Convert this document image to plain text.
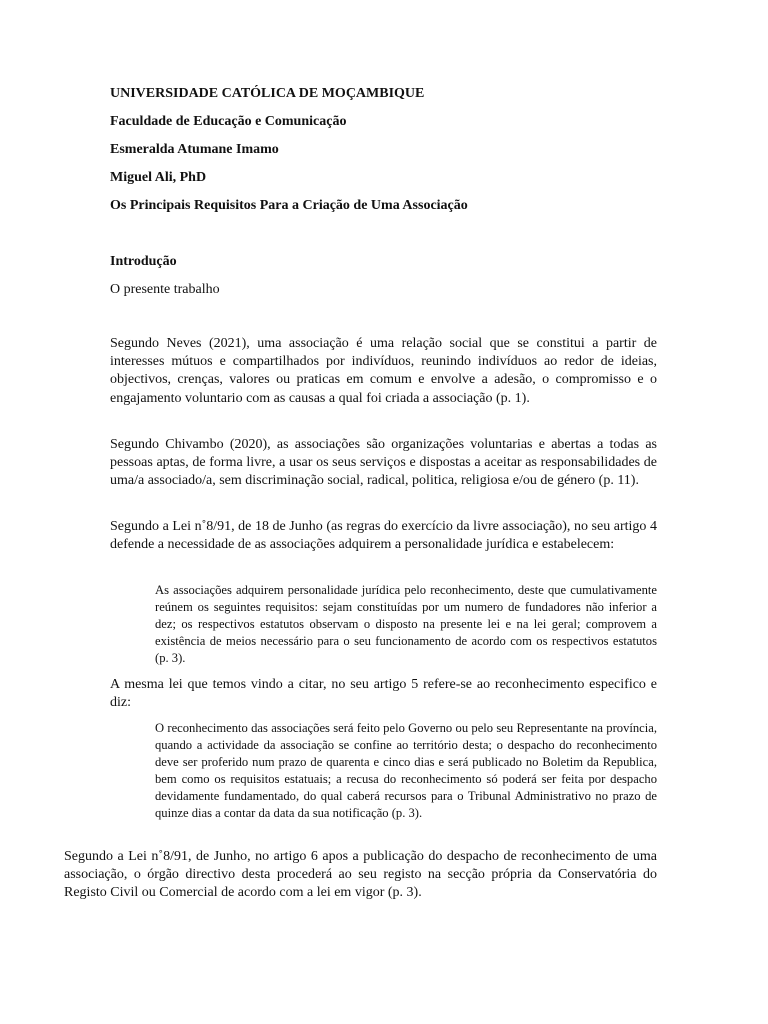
UNIVERSIDADE CATÓLICA DE MOÇAMBIQUE

Faculdade de Educação e Comunicação

Esmeralda Atumane Imamo

Miguel Ali, PhD

Os Principais Requisitos Para a Criação de Uma Associação

Introdução

O presente trabalho

Segundo Neves (2021), uma associação é uma relação social que se constitui a partir de interesses mútuos e compartilhados por indivíduos, reunindo indivíduos ao redor de ideias, objectivos, crenças, valores ou praticas em comum e envolve a adesão, o compromisso e o engajamento voluntario com as causas a qual foi criada a associação (p. 1).

Segundo Chivambo (2020), as associações são organizações voluntarias e abertas a todas as pessoas aptas, de forma livre, a usar os seus serviços e dispostas a aceitar as responsabilidades de uma/a associado/a, sem discriminação social, radical, politica, religiosa e/ou de género (p. 11).

Segundo a Lei n˚8/91, de 18 de Junho (as regras do exercício da livre associação), no seu artigo 4 defende a necessidade de as associações adquirem a personalidade jurídica e estabelecem:

As associações adquirem personalidade jurídica pelo reconhecimento, deste que cumulativamente reúnem os seguintes requisitos: sejam constituídas por um numero de fundadores não inferior a dez; os respectivos estatutos observam o disposto na presente lei e na lei geral; comprovem a existência de meios necessário para o seu funcionamento de acordo com os respectivos estatutos (p. 3).

A mesma lei que temos vindo a citar, no seu artigo 5 refere-se ao reconhecimento especifico e diz:

O reconhecimento das associações será feito pelo Governo ou pelo seu Representante na província, quando a actividade da associação se confine ao território desta; o despacho do reconhecimento deve ser proferido num prazo de quarenta e cinco dias e será publicado no Boletim da Republica, bem como os requisitos estatuais; a recusa do reconhecimento só poderá ser feita por despacho devidamente fundamentado, do qual caberá recursos para o Tribunal Administrativo no prazo de quinze dias a contar da data da sua notificação (p. 3).

Segundo a Lei n˚8/91, de Junho, no artigo 6 apos a publicação do despacho de reconhecimento de uma associação, o órgão directivo desta procederá ao seu registo na secção própria da Conservatória do Registo Civil ou Comercial de acordo com a lei em vigor (p. 3).
